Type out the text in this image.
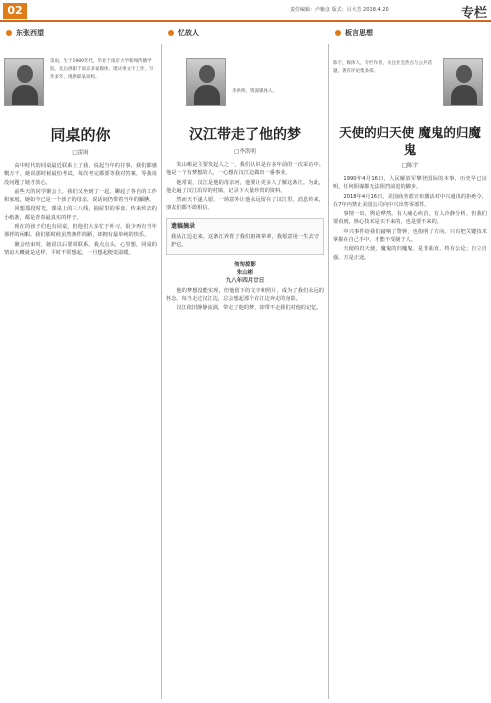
02	责任编辑：卢紫彦 版式：吕大芳 2018.4.20	专栏
东张西望	忆故人	板言思想
雷雨，生于1980年代，毕业于南京大学新闻传播学院，先后供职于南京多家媒体，现从事文字工作，写作多年，现供职某高校。
同桌的你
□雷雨

高中时代的同桌最近联系上了我，说起当年的往事，我们都感慨万千。她说那时候最怕考试，每次考完都要等我对答案，等我说没问题了她才放心。

前些天的同学聚会上，我们又坐到了一起，聊起了各自的工作和家庭。她如今已是一个孩子的母亲，说话间仍带着当年的腼腆。

回想那段时光，课桌上的三八线、抽屉里的零食、传来传去的小纸条，都是青春最真实的样子。

现在的孩子们也有同桌，但他们大多忙于补习，很少再有当年那样的闲暇。我们那时候虽然条件简陋，却拥有最单纯的快乐。

聚会结束时，她说以后要常联系。我点点头，心里想，同桌的情谊大概就是这样，平时不常想起，一旦想起便觉温暖。

李洪明，资深媒体人。
汉江带走了他的梦
□李洪明

朱山彬是主要发起人之一，我们认识是在多年前的一次采访中。他是一个有梦想的人，一心想在汉江边做出一番事业。

他常说，汉江是他的母亲河，他要让更多人了解这条江。为此，他走遍了汉江沿岸的村镇，记录下大量珍贵的资料。

然而天不遂人愿，一场意外让他永远留在了汉江里。消息传来，朋友们都不敢相信。

遗稿摘录
我从江边走来，这条江养育了我们祖祖辈辈，我愿意用一生去守护它。
匆匆掠影
朱山彬
九八年四月廿日

他的梦想没能实现，但他留下的文字和照片，成为了我们永远的怀念。每当走过汉江边，总会想起那个在江边奔走的身影。

汉江依旧静静流淌，带走了他的梦，却带不走我们对他的记忆。

陈宇，媒体人，专栏作者，关注社会热点与公共话题，著有评论集多部。
天使的归天使 魔鬼的归魔鬼
□陈宇

1990年4月16日，人民解放军攀登国际的本事，历史早已证明，任何阴谋都无法阻挡前进的脚步。

2018年4月16日，美国商务部宣布激活对中兴通讯的拒绝令，在7年内禁止美国公司向中兴出售零部件。

事情一出，舆论哗然。有人痛心疾首，有人冷静分析。但我们要看到，核心技术是买不来的，也是要不来的。

中兴事件给我们敲响了警钟，也指明了方向。只有把关键技术掌握在自己手中，才能不受制于人。

天使的归天使，魔鬼的归魔鬼。是非曲直，终有公论；自立自强，方是正途。
